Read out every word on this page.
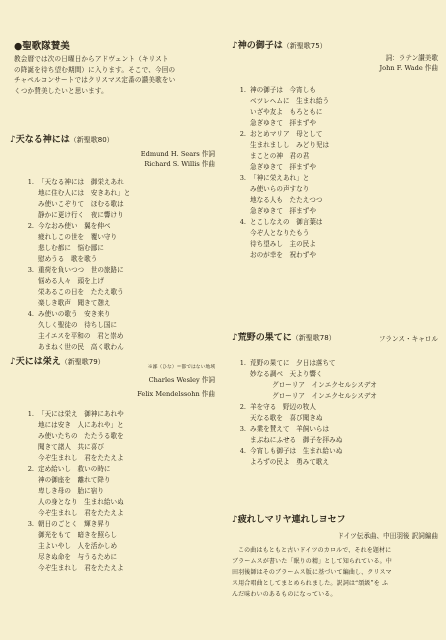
●聖歌隊賛美
教会暦では次の日曜日からアドヴェント（キリスト
の降誕を待ち望む期間）に入ります。そこで、今回の
チャペルコンサートではクリスマス定番の讃美歌をい
くつか賛美したいと思います。
♪天なる神には（新聖歌80）
Edmund H. Sears 作詞
Richard S. Willis 作曲
1. 「天なる神には　御栄えあれ
地に住む人には　安きあれ」と
み使いこぞりて　ほむる歌は
静かに更け行く　夜に響けり
2. 今なおみ使い　翼を伸べ
疲れしこの世を　覆い守り
悲しむ都に　悩む鄙に
慰めうる　歌を歌う
3. 重荷を負いつつ　世の旅路に
悩める人々　頭を上げ
栄あるこの日を　たたえ歌う
楽しき歌声　聞きて憩え
4. み使いの歌う　安き来り
久しく聖徒の　待ちし国に
主イエスを平和の　君と崇め
あまねく世の民　高く歌わん
※鄙（ひな）＝都ではない地域
♪天には栄え（新聖歌79）
Charles Wesley 作詞
Felix Mendelssohn 作曲
1. 「天には栄え　御神にあれや
地には安き　人にあれや」と
み使いたちの　たたうる歌を
聞きて諸人　共に喜び
今ぞ生まれし　君をたたえよ
2. 定め給いし　救いの時に
神の御座を　離れて降り
卑しき母の　胎に宿り
人の身となり　生まれ給いぬ
今ぞ生まれし　君をたたえよ
3. 朝日のごとく　輝き昇り
御光をもて　暗きを照らし
主よいやし　人を活かしめ
尽きぬ命を　与うるために
今ぞ生まれし　君をたたえよ
♪神の御子は（新聖歌75）
詞：ラテン讃美歌
John F. Wade 作曲
1. 神の御子は　今宵しも
ベツレヘムに　生まれ給う
いざや友よ　もろともに
急ぎゆきて　拝まずや
2. おとめマリア　母として
生まれましし　みどり児は
まことの神　君の君
急ぎゆきて　拝まずや
3. 「神に栄えあれ」と
み使いらの声すなり
地なる人も　たたえつつ
急ぎゆきて　拝まずや
4. とこしなえの　御言葉は
今ぞ人となりたもう
待ち望みし　主の民よ
おのが幸を　祝わずや
♪荒野の果てに（新聖歌78）	フランス・キャロル
1. 荒野の果てに　夕日は落ちて
妙なる調べ　天より響く
グローリア　インエクセルシスデオ
グローリア　インエクセルシスデオ
2. 羊を守る　野辺の牧人
天なる歌を　喜び聞きぬ
3. み業を賛えて　羊飼いらは
まぶねにふせる　御子を拝みぬ
4. 今宵しも御子は　生まれ給いぬ
よろずの民よ　勇みて歌え
♪疲れしマリヤ連れしヨセフ
ドイツ伝承曲、中田羽後 訳詞編曲
この曲はもともと古いドイツのカロルで、それを題材に
ブラームスが書いた「眠りの精」として知られている。中
田羽後師はそのブラームス版に基づいて編曲し、クリスマ
ス用合唱曲としてまとめられました。訳詞は“頌級”を ふ
んだ味わいのあるものになっている。
